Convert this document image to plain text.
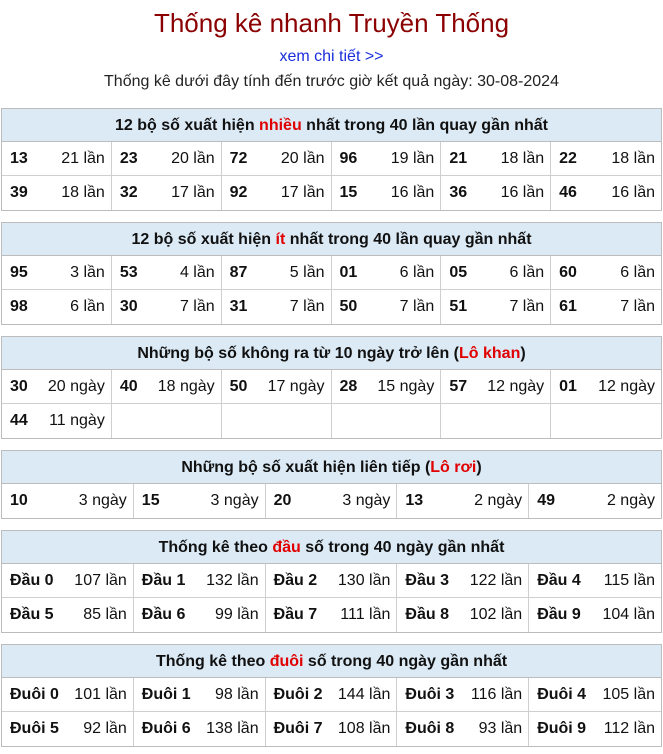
Thống kê nhanh Truyền Thống
xem chi tiết >>
Thống kê dưới đây tính đến trước giờ kết quả ngày: 30-08-2024
12 bộ số xuất hiện nhiều nhất trong 40 lần quay gần nhất
13 21 lần 23 20 lần 72 20 lần 96 19 lần 21 18 lần 22 18 lần
39 18 lần 32 17 lần 92 17 lần 15 16 lần 36 16 lần 46 16 lần
12 bộ số xuất hiện ít nhất trong 40 lần quay gần nhất
95	3 lần 53	4 lần 87	5 lần 01	6 lần 05	6 lần 60	6 lần
98	6 lần 30	7 lần 31	7 lần 50	7 lần 51	7 lần 61	7 lần
Những bộ số không ra từ 10 ngày trở lên (Lô khan)
30 20 ngày 40 18 ngày 50 17 ngày 28 15 ngày 57 12 ngày 01 12 ngày
44 11 ngày
Những bộ số xuất hiện liên tiếp (Lô rơi)
10	3 ngày 15	3 ngày 20	3 ngày 13	2 ngày 49	2 ngày
Thống kê theo đầu số trong 40 ngày gần nhất
Đầu 0 107 lần Đầu 1 132 lần Đầu 2 130 lần Đầu 3 122 lần Đầu 4 115 lần
Đầu 5 85 lần Đầu 6 99 lần Đầu 7 111 lần Đầu 8 102 lần Đầu 9 104 lần
Thống kê theo đuôi số trong 40 ngày gần nhất
Đuôi 0 101 lần Đuôi 1 98 lần Đuôi 2 144 lần Đuôi 3 116 lần Đuôi 4 105 lần
Đuôi 5 92 lần Đuôi 6 138 lần Đuôi 7 108 lần Đuôi 8 93 lần Đuôi 9 112 lần
